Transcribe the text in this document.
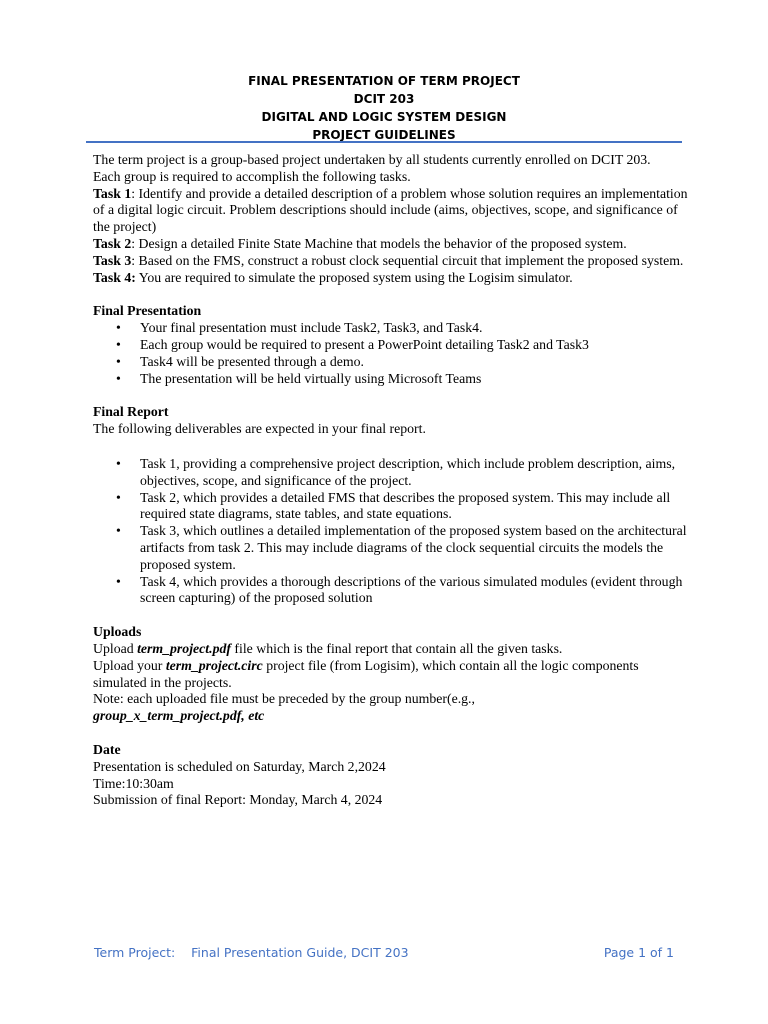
FINAL PRESENTATION OF TERM PROJECT
DCIT 203
DIGITAL AND LOGIC SYSTEM DESIGN
PROJECT GUIDELINES

The term project is a group-based project undertaken by all students currently enrolled on DCIT 203.

Each group is required to accomplish the following tasks.

Task 1: Identify and provide a detailed description of a problem whose solution requires an implementation of a digital logic circuit. Problem descriptions should include (aims, objectives, scope, and significance of the project)

Task 2: Design a detailed Finite State Machine that models the behavior of the proposed system.

Task 3: Based on the FMS, construct a robust clock sequential circuit that implement the proposed system.

Task 4: You are required to simulate the proposed system using the Logisim simulator.

Final Presentation

• Your final presentation must include Task2, Task3, and Task4.
• Each group would be required to present a PowerPoint detailing Task2 and Task3
• Task4 will be presented through a demo.
• The presentation will be held virtually using Microsoft Teams

Final Report

The following deliverables are expected in your final report.

• Task 1, providing a comprehensive project description, which include problem description, aims, objectives, scope, and significance of the project.
• Task 2, which provides a detailed FMS that describes the proposed system. This may include all required state diagrams, state tables, and state equations.
• Task 3, which outlines a detailed implementation of the proposed system based on the architectural artifacts from task 2. This may include diagrams of the clock sequential circuits the models the proposed system.
• Task 4, which provides a thorough descriptions of the various simulated modules (evident through screen capturing) of the proposed solution

Uploads

Upload term_project.pdf file which is the final report that contain all the given tasks.

Upload your term_project.circ project file (from Logisim), which contain all the logic components simulated in the projects.

Note: each uploaded file must be preceded by the group number(e.g.,

group_x_term_project.pdf, etc

Date

Presentation is scheduled on Saturday, March 2,2024

Time:10:30am

Submission of final Report: Monday, March 4, 2024

Term Project:    Final Presentation Guide, DCIT 203	Page 1 of 1
